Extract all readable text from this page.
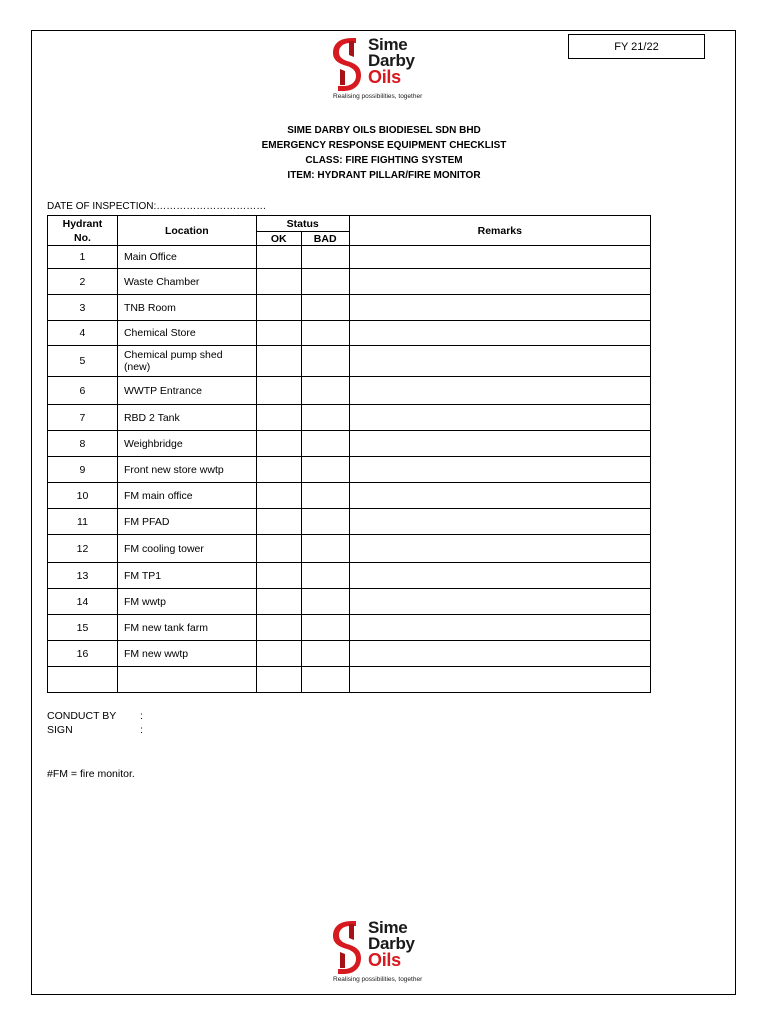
FY 21/22
Sime
Darby
Oils
Realising possibilities, together
SIME DARBY OILS BIODIESEL SDN BHD
EMERGENCY RESPONSE EQUIPMENT CHECKLIST
CLASS: FIRE FIGHTING SYSTEM
ITEM: HYDRANT PILLAR/FIRE MONITOR
DATE OF INSPECTION:……………………………
Hydrant
No.	Location	Status		Remarks
		OK	BAD	
1	Main Office			
2	Waste Chamber			
3	TNB Room			
4	Chemical Store			
5	Chemical pump shed (new)			
6	WWTP Entrance			
7	RBD 2 Tank			
8	Weighbridge			
9	Front new store wwtp			
10	FM main office			
11	FM PFAD			
12	FM cooling tower			
13	FM TP1			
14	FM wwtp			
15	FM new tank farm			
16	FM new wwtp			

CONDUCT BY	:
SIGN	:
#FM = fire monitor.
Sime
Darby
Oils
Realising possibilities, together
